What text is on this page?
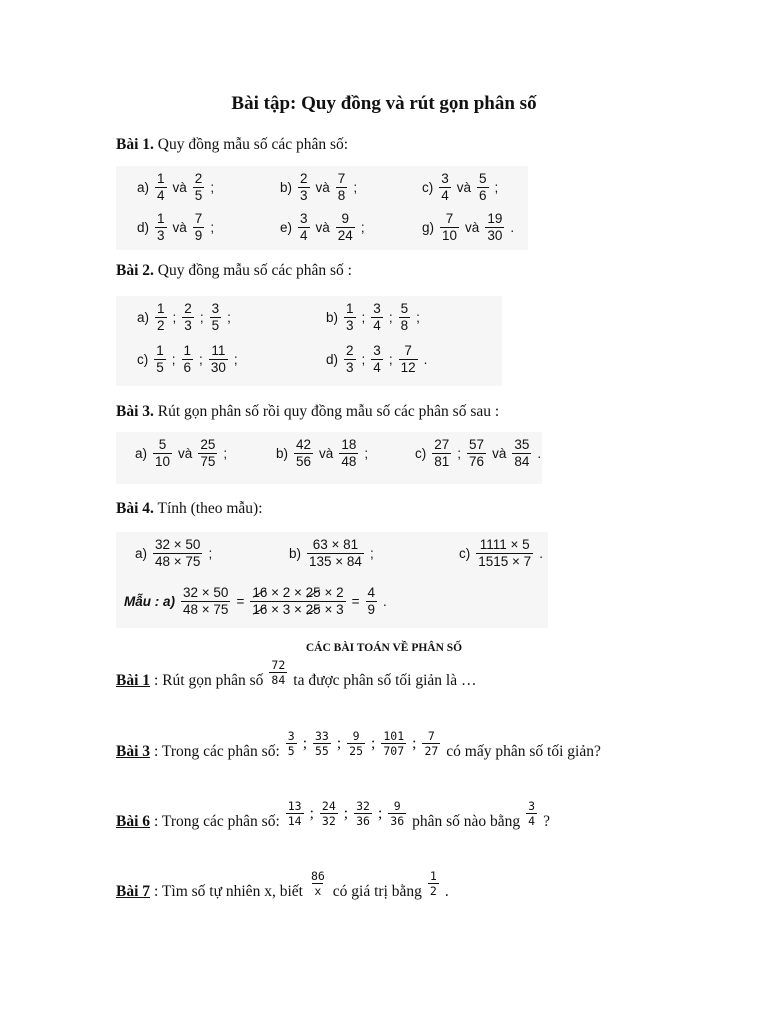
Bài tập: Quy đồng và rút gọn phân số
Bài 1. Quy đồng mẫu số các phân số:
$a) \frac{1}{4}$ và $\frac{2}{5}$ ;	$b) \frac{2}{3}$ và $\frac{7}{8}$ ;	$c) \frac{3}{4}$ và $\frac{5}{6}$ ;
$d) \frac{1}{3}$ và $\frac{7}{9}$ ;	$e) \frac{3}{4}$ và $\frac{9}{24}$ ;	$g) \frac{7}{10}$ và $\frac{19}{30}$ .
Bài 2. Quy đồng mẫu số các phân số :
$a) \frac{1}{2}$ ; $\frac{2}{3}$ ; $\frac{3}{5}$ ;	$b) \frac{1}{3}$ ; $\frac{3}{4}$ ; $\frac{5}{8}$ ;
$c) \frac{1}{5}$ ; $\frac{1}{6}$ ; $\frac{11}{30}$ ;	$d) \frac{2}{3}$ ; $\frac{3}{4}$ ; $\frac{7}{12}$ .
Bài 3. Rút gọn phân số rồi quy đồng mẫu số các phân số sau :
$a) \frac{5}{10}$ và $\frac{25}{75}$ ;	$b) \frac{42}{56}$ và $\frac{18}{48}$ ;	$c) \frac{27}{81}$ ; $\frac{57}{76}$ và $\frac{35}{84}$ .
Bài 4. Tính (theo mẫu):
$a) \frac{32 \times 50}{48 \times 75}$ ;	$b) \frac{63 \times 81}{135 \times 84}$ ;	$c) \frac{1111 \times 5}{1515 \times 7}$ .
Mẫu : $a) \frac{32 \times 50}{48 \times 75} = \frac{16 \times 2 \times 25 \times 2}{16 \times 3 \times 25 \times 3} = \frac{4}{9}$ .
CÁC BÀI TOÁN VỀ PHÂN SỐ
Bài 1 : Rút gọn phân số $\frac{72}{84}$ ta được phân số tối giản là …
Bài 3 : Trong các phân số: $\frac{3}{5}$ ; $\frac{33}{55}$ ; $\frac{9}{25}$ ; $\frac{101}{707}$ ; $\frac{7}{27}$ có mấy phân số tối giản?
Bài 6 : Trong các phân số: $\frac{13}{14}$ ; $\frac{24}{32}$ ; $\frac{32}{36}$ ; $\frac{9}{36}$ phân số nào bằng $\frac{3}{4}$ ?
Bài 7 : Tìm số tự nhiên x, biết $\frac{86}{x}$ có giá trị bằng $\frac{1}{2}$ .
